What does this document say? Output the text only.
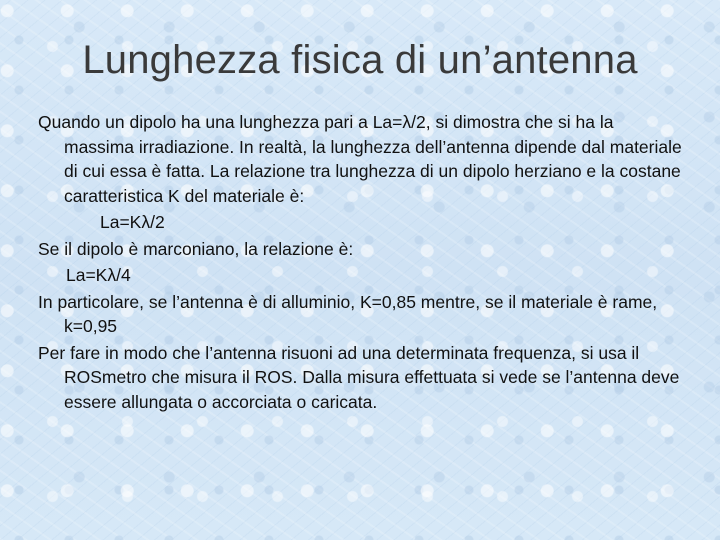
Lunghezza fisica di un’antenna

Quando un dipolo ha una lunghezza pari a La=λ/2, si dimostra che si ha la massima irradiazione. In realtà, la lunghezza dell’antenna dipende dal materiale di cui essa è fatta. La relazione tra lunghezza di un dipolo herziano e la costane caratteristica K del materiale è:

La=Kλ/2

Se il dipolo è marconiano, la relazione è:

La=Kλ/4

In particolare, se l’antenna è di alluminio, K=0,85 mentre, se il materiale è rame, k=0,95

Per fare in modo che l’antenna risuoni ad una determinata frequenza, si usa il ROSmetro che misura il ROS. Dalla misura effettuata si vede se l’antenna deve essere allungata o accorciata o caricata.
